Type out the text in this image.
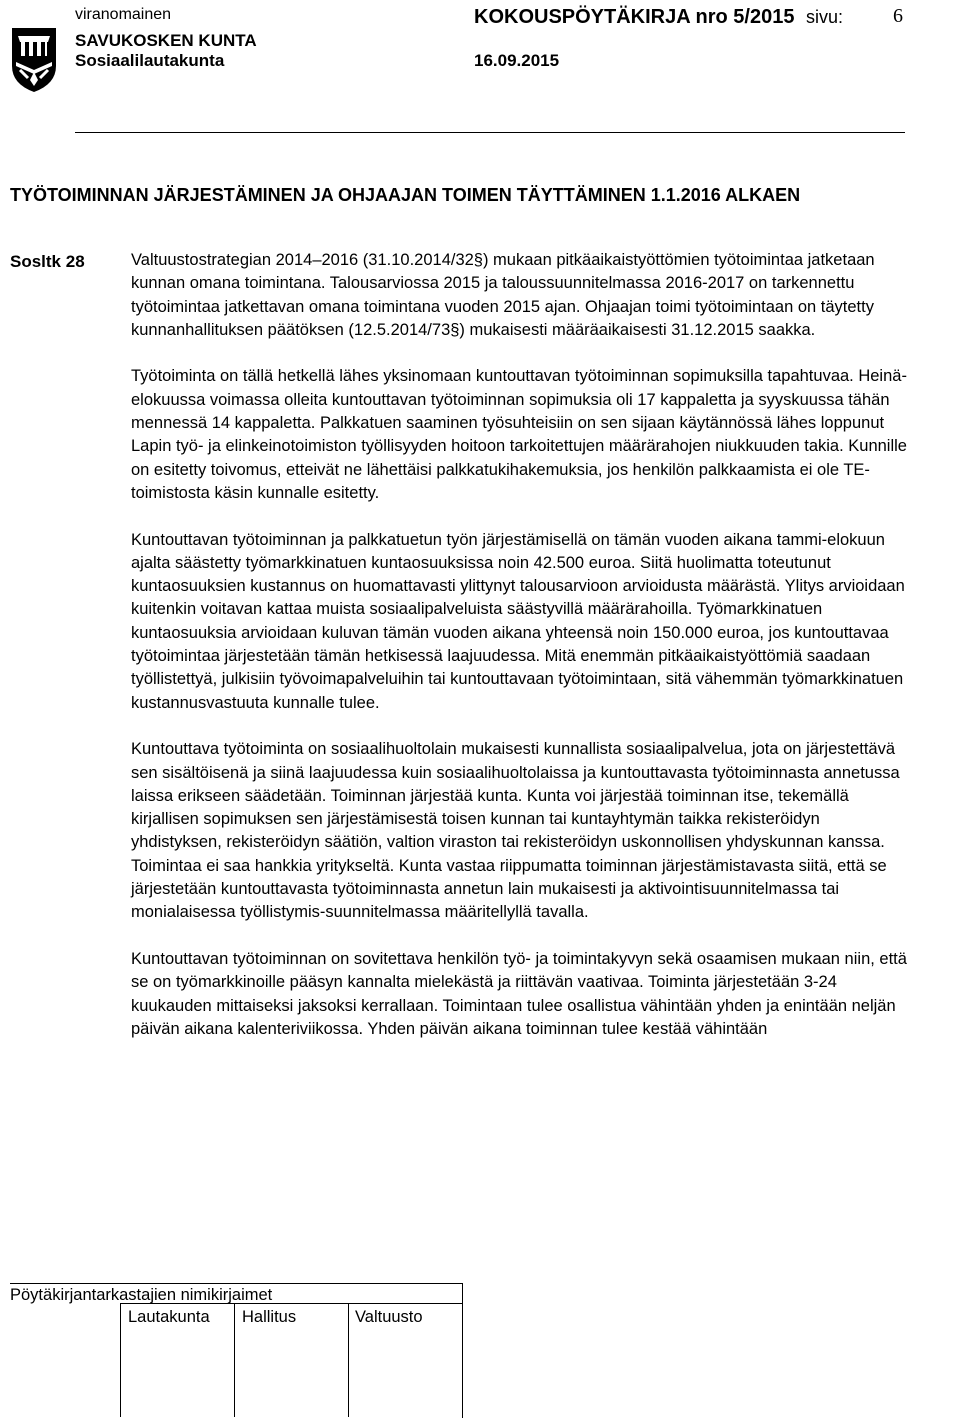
viranomainen
SAVUKOSKEN KUNTA
Sosiaalilautakunta
KOKOUSPÖYTÄKIRJA nro 5/2015 sivu: 6
16.09.2015
TYÖTOIMINNAN JÄRJESTÄMINEN JA OHJAAJAN TOIMEN TÄYTTÄMINEN 1.1.2016 ALKAEN
Sosltk 28	Valtuustostrategian 2014–2016 (31.10.2014/32§) mukaan pitkäaikaistyöttömien työtoimintaa jatketaan kunnan omana toimintana. Talousarviossa 2015 ja taloussuunnitelmassa 2016-2017 on tarkennettu työtoimintaa jatkettavan omana toimintana vuoden 2015 ajan. Ohjaajan toimi työtoimintaan on täytetty kunnanhallituksen päätöksen (12.5.2014/73§) mukaisesti määräaikaisesti 31.12.2015 saakka.

Työtoiminta on tällä hetkellä lähes yksinomaan kuntouttavan työtoiminnan sopimuksilla tapahtuvaa. Heinä-elokuussa voimassa olleita kuntouttavan työtoiminnan sopimuksia oli 17 kappaletta ja syyskuussa tähän mennessä 14 kappaletta. Palkkatuen saaminen työsuhteisiin on sen sijaan käytännössä lähes loppunut Lapin työ- ja elinkeinotoimiston työllisyyden hoitoon tarkoitettujen määrärahojen niukkuuden takia. Kunnille on esitetty toivomus, etteivät ne lähettäisi palkkatukihakemuksia, jos henkilön palkkaamista ei ole TE-toimistosta käsin kunnalle esitetty.

Kuntouttavan työtoiminnan ja palkkatuetun työn järjestämisellä on tämän vuoden aikana tammi-elokuun ajalta säästetty työmarkkinatuen kuntaosuuksissa noin 42.500 euroa. Siitä huolimatta toteutunut kuntaosuuksien kustannus on huomattavasti ylittynyt talousarvioon arvioidusta määrästä. Ylitys arvioidaan kuitenkin voitavan kattaa muista sosiaalipalveluista säästyvillä määrärahoilla. Työmarkkinatuen kuntaosuuksia arvioidaan kuluvan tämän vuoden aikana yhteensä noin 150.000 euroa, jos kuntouttavaa työtoimintaa järjestetään tämän hetkisessä laajuudessa. Mitä enemmän pitkäaikaistyöttömiä saadaan työllistettyä, julkisiin työvoimapalveluihin tai kuntouttavaan työtoimintaan, sitä vähemmän työmarkkinatuen kustannusvastuuta kunnalle tulee.

Kuntouttava työtoiminta on sosiaalihuoltolain mukaisesti kunnallista sosiaalipalvelua, jota on järjestettävä sen sisältöisenä ja siinä laajuudessa kuin sosiaalihuoltolaissa ja kuntouttavasta työtoiminnasta annetussa laissa erikseen säädetään. Toiminnan järjestää kunta. Kunta voi järjestää toiminnan itse, tekemällä kirjallisen sopimuksen sen järjestämisestä toisen kunnan tai kuntayhtymän taikka rekisteröidyn yhdistyksen, rekisteröidyn säätiön, valtion viraston tai rekisteröidyn uskonnollisen yhdyskunnan kanssa. Toimintaa ei saa hankkia yritykseltä. Kunta vastaa riippumatta toiminnan järjestämistavasta siitä, että se järjestetään kuntouttavasta työtoiminnasta annetun lain mukaisesti ja aktivointisuunnitelmassa tai monialaisessa työllistymis-suunnitelmassa määritellyllä tavalla.

Kuntouttavan työtoiminnan on sovitettava henkilön työ- ja toimintakyvyn sekä osaamisen mukaan niin, että se on työmarkkinoille pääsyn kannalta mielekästä ja riittävän vaativaa. Toiminta järjestetään 3-24 kuukauden mittaiseksi jaksoksi kerrallaan. Toimintaan tulee osallistua vähintään yhden ja enintään neljän päivän aikana kalenteriviikossa. Yhden päivän aikana toiminnan tulee kestää vähintään

Pöytäkirjantarkastajien nimikirjaimet
Lautakunta Hallitus	Valtuusto
